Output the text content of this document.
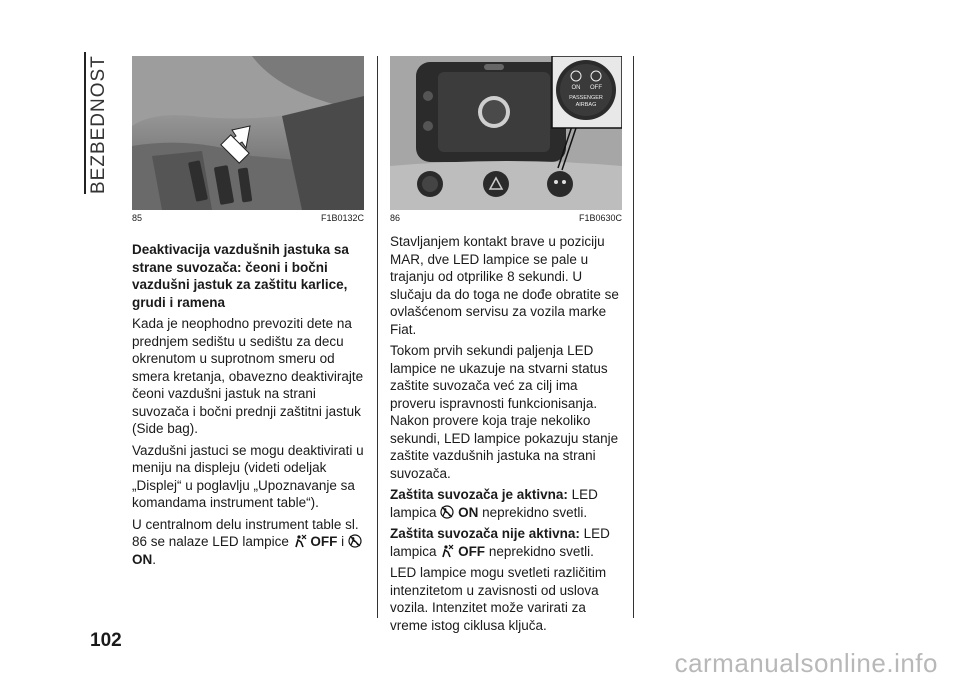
BEZBEDNOST
85	F1B0132C
Deaktivacija vazdušnih jastuka sa strane suvozača: čeoni i bočni vazdušni jastuk za zaštitu karlice, grudi i ramena

Kada je neophodno prevoziti dete na prednjem sedištu u sedištu za decu okrenutom u suprotnom smeru od smera kretanja, obavezno deaktivirajte čeoni vazdušni jastuk na strani suvozača i bočni prednji zaštitni jastuk (Side bag).

Vazdušni jastuci se mogu deaktivirati u meniju na displeju (videti odeljak „Displej“ u poglavlju „Upoznavanje sa komandama instrument table“).

U centralnom delu instrument table sl. 86 se nalaze LED lampice OFF i  ON.

ON OFF
PASSENGER
AIRBAG
86	F1B0630C

Stavljanjem kontakt brave u poziciju MAR, dve LED lampice se pale u trajanju od otprilike 8 sekundi. U slučaju da do toga ne dođe obratite se ovlašćenom servisu za vozila marke Fiat.

Tokom prvih sekundi paljenja LED lampice ne ukazuje na stvarni status zaštite suvozača već za cilj ima proveru ispravnosti funkcionisanja. Nakon provere koja traje nekoliko sekundi, LED lampice pokazuju stanje zaštite vazdušnih jastuka na strani suvozača.

Zaštita suvozača je aktivna: LED lampica ON neprekidno svetli.

Zaštita suvozača nije aktivna: LED lampica OFF neprekidno svetli.

LED lampice mogu svetleti različitim intenzitetom u zavisnosti od uslova vozila. Intenzitet može varirati za vreme istog ciklusa ključa.

102
carmanualsonline.info
